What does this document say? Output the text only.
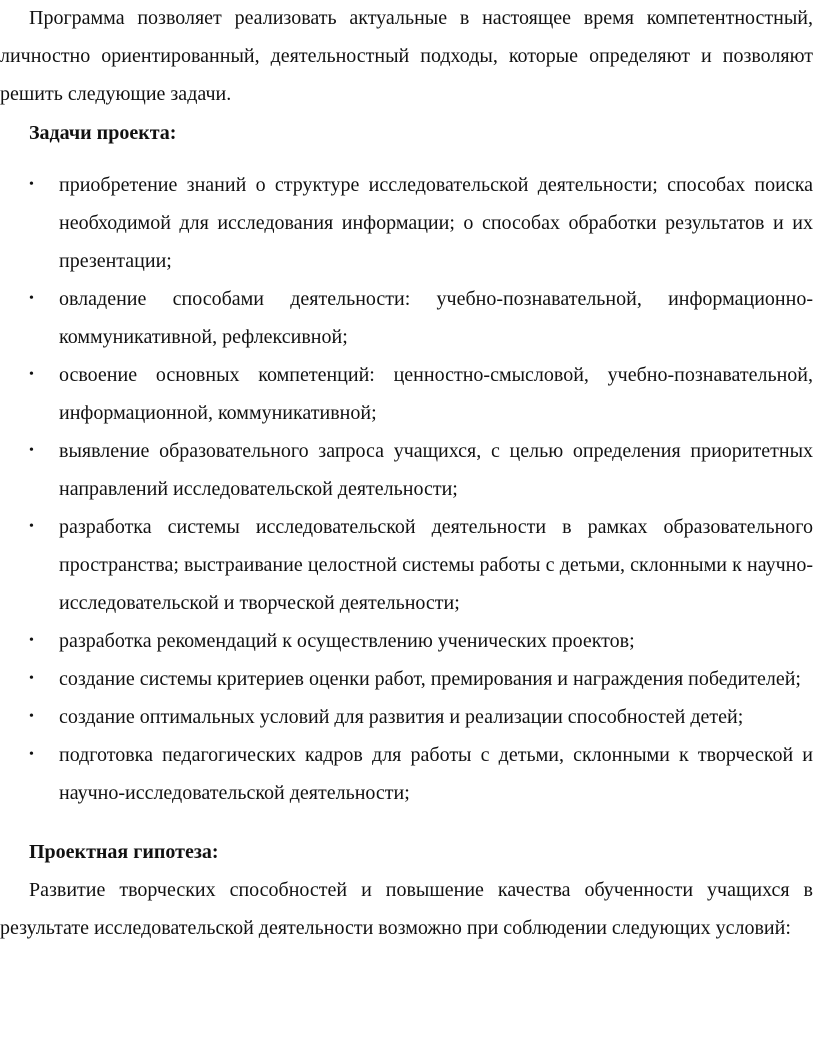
Программа позволяет реализовать актуальные в настоящее время компетентностный, личностно ориентированный, деятельностный подходы, которые определяют и позволяют решить следующие задачи.

Задачи проекта:

• приобретение знаний о структуре исследовательской деятельности; способах поиска необходимой для исследования информации; о способах обработки результатов и их презентации;
• овладение способами деятельности: учебно-познавательной, информационно-коммуникативной, рефлексивной;
• освоение основных компетенций: ценностно-смысловой, учебно-познавательной, информационной, коммуникативной;
• выявление образовательного запроса учащихся, с целью определения приоритетных направлений исследовательской деятельности;
• разработка системы исследовательской деятельности в рамках образовательного пространства; выстраивание целостной системы работы с детьми, склонными к научно-исследовательской и творческой деятельности;
• разработка рекомендаций к осуществлению ученических проектов;
• создание системы критериев оценки работ, премирования и награждения победителей;
• создание оптимальных условий для развития и реализации способностей детей;
• подготовка педагогических кадров для работы с детьми, склонными к творческой и научно-исследовательской деятельности;

Проектная гипотеза:

Развитие творческих способностей и повышение качества обученности учащихся в результате исследовательской деятельности возможно при соблюдении следующих условий:
